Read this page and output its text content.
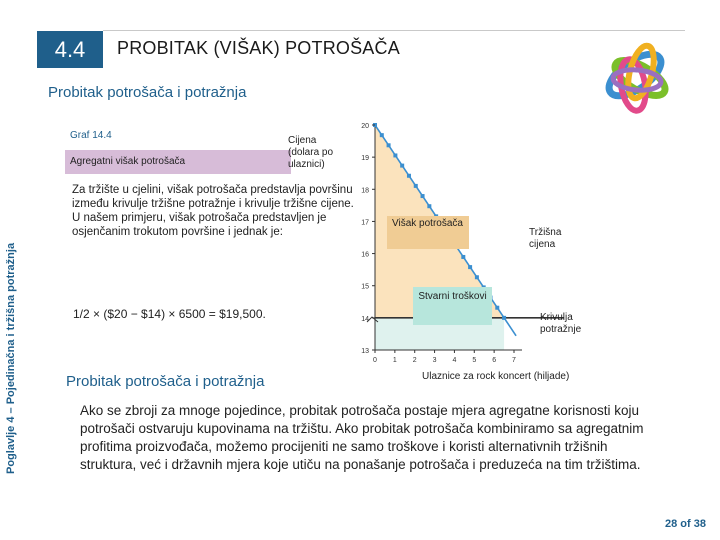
4.4	PROBITAK (VIŠAK) POTROŠAČA
Probitak potrošača i potražnja
Poglavlje 4 – Pojedinačna i tržišna potražnja
Graf 14.4
Agregatni višak potrošača
Za tržište u cjelini, višak potrošača predstavlja površinu između krivulje tržišne potražnje i krivulje tržišne cijene. U našem primjeru, višak potrošača predstavljen je osjenčanim trokutom površine i jednak je:
1/2 × ($20 − $14) × 6500 = $19,500.
13
14
15
16
17
18
19
20
0 1 2 3 4 5 6 7
Cijena (dolara po ulaznici)
Višak potrošača
Tržišna cijena
Stvarni troškovi
Krivulja potražnje
Ulaznice za rock koncert (hiljade)
Probitak potrošača i potražnja
Ako se zbroji za mnoge pojedince, probitak potrošača postaje mjera agregatne korisnosti koju potrošači ostvaruju kupovinama na tržištu. Ako probitak potrošača kombiniramo sa agregatnim profitima proizvođača, možemo procijeniti ne samo troškove i koristi alternativnih tržišnih struktura, već i državnih mjera koje utiču na ponašanje potrošača i preduzeća na tim tržištima.
28 of 38
